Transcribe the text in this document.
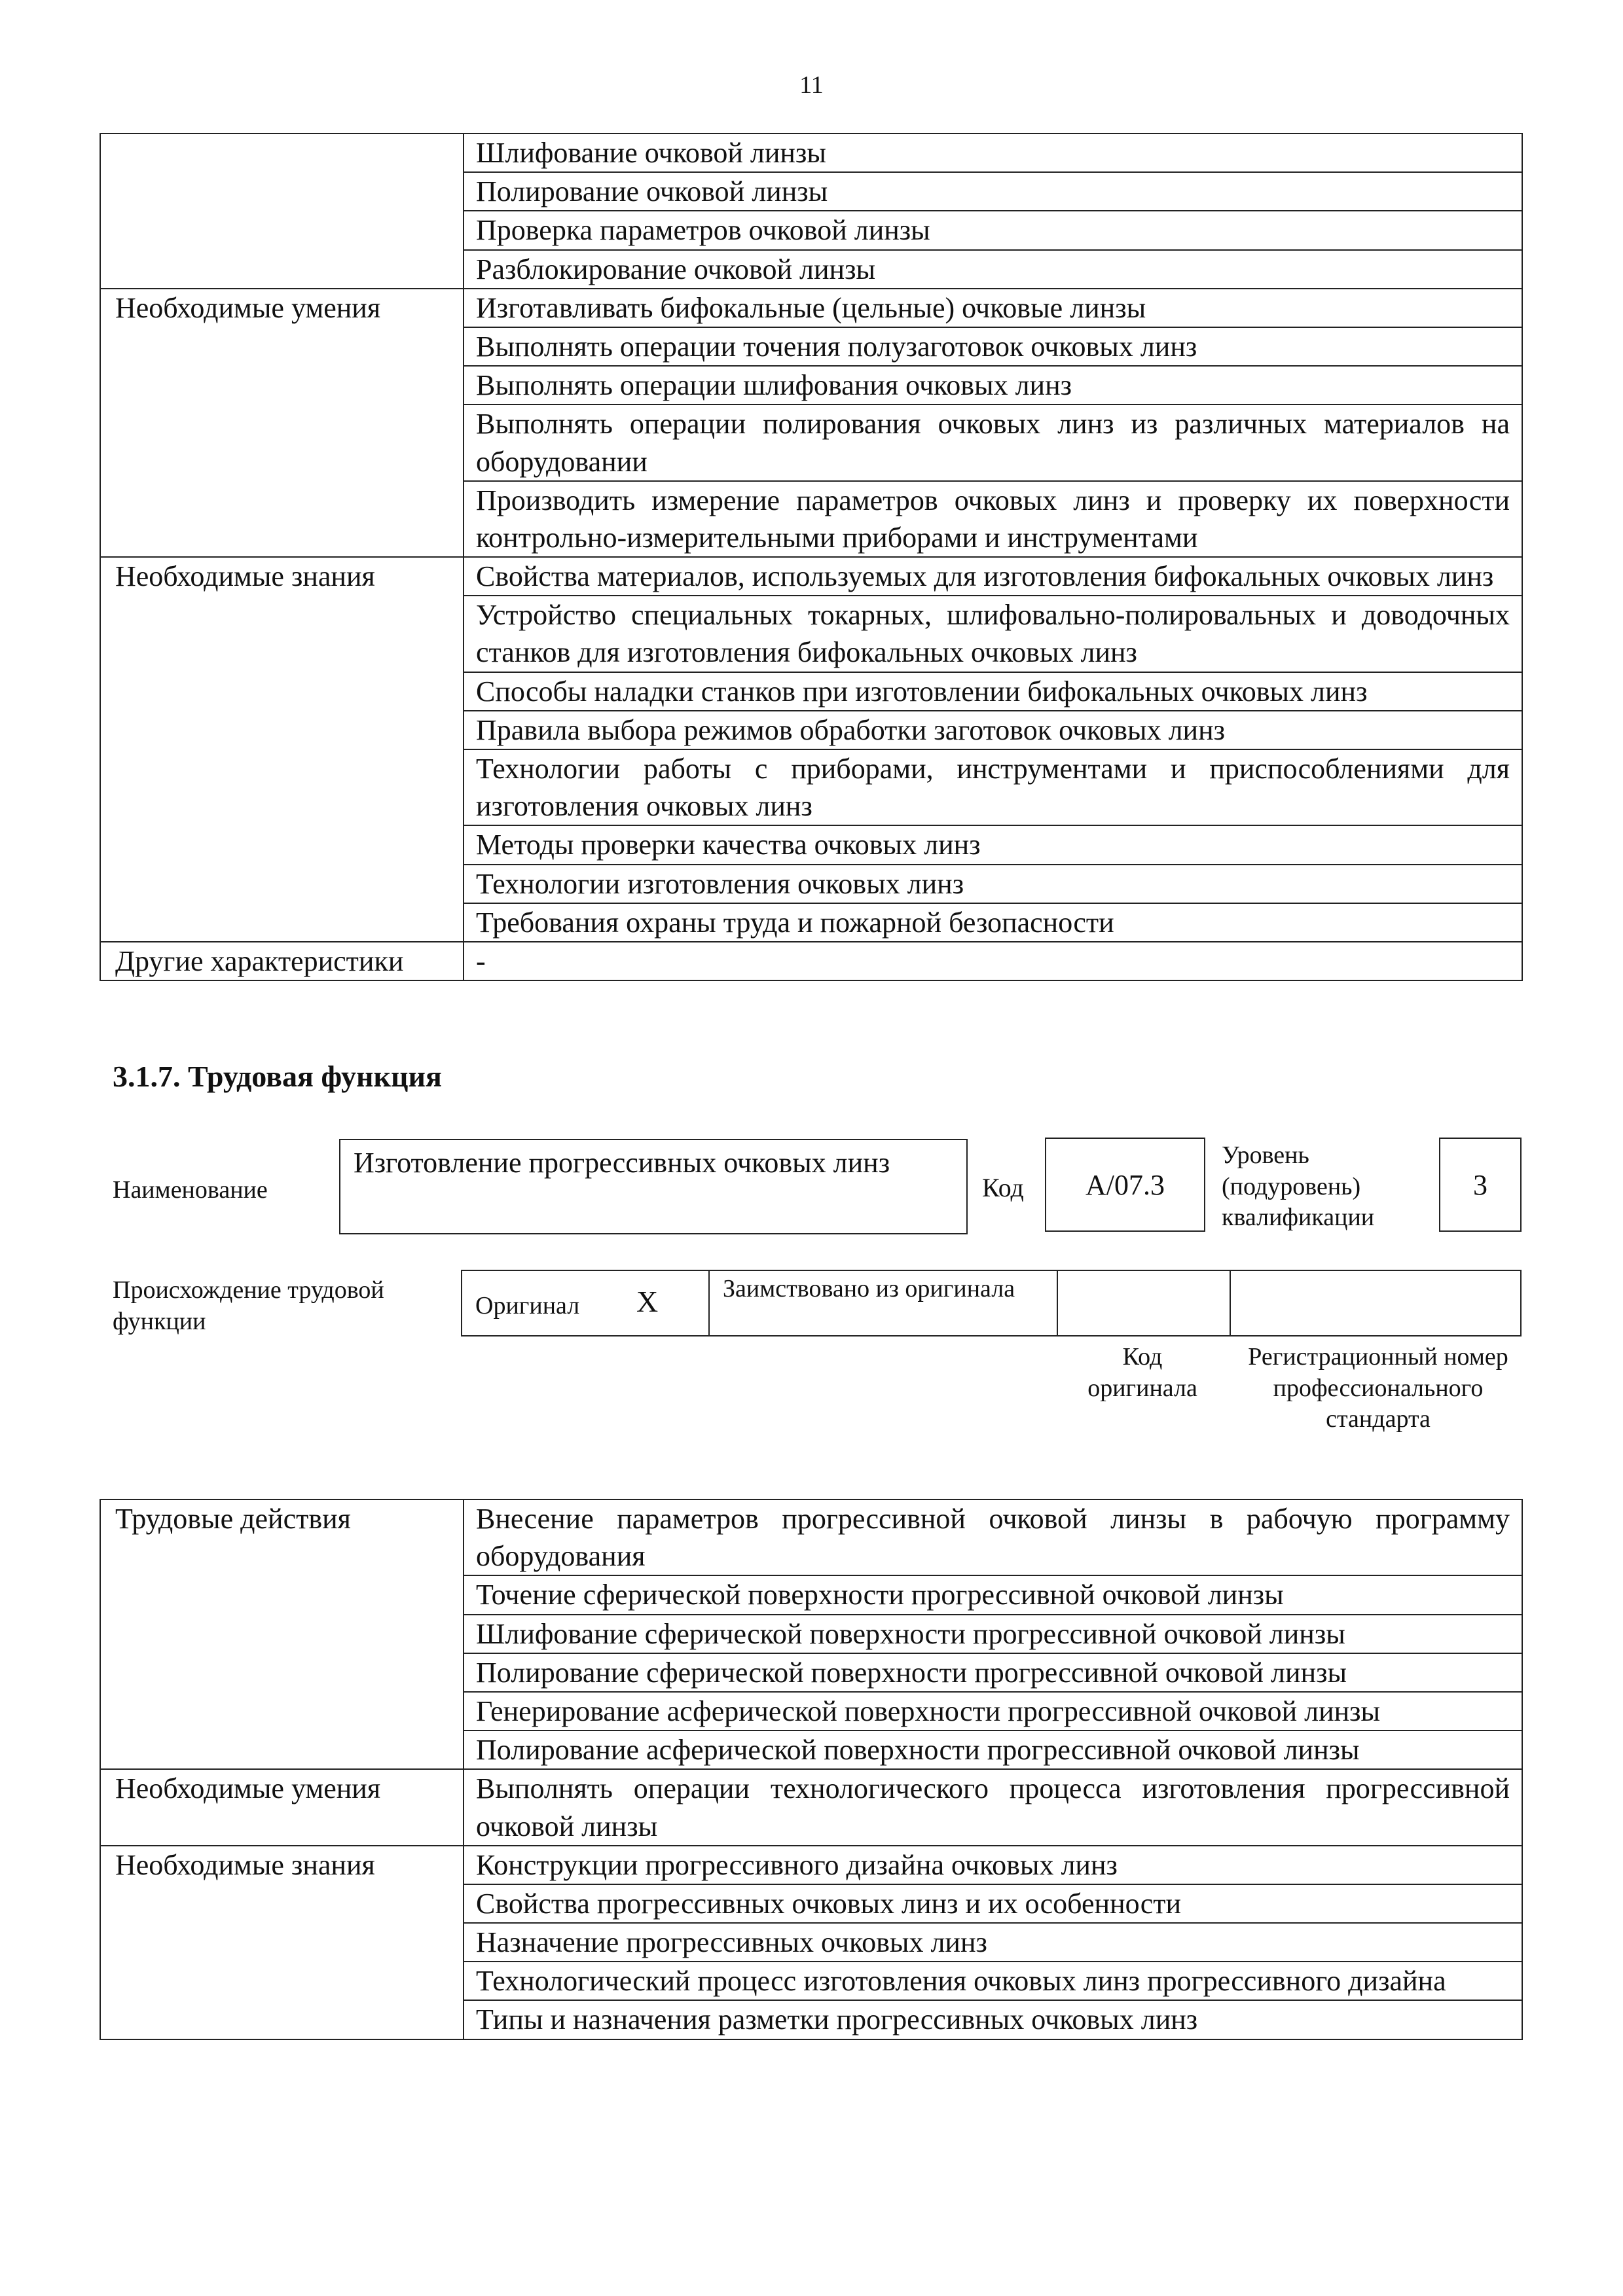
11
	Шлифование очковой линзы
	Полирование очковой линзы
	Проверка параметров очковой линзы
	Разблокирование очковой линзы
Необходимые умения	Изготавливать бифокальные (цельные) очковые линзы
	Выполнять операции точения полузаготовок очковых линз
	Выполнять операции шлифования очковых линз
	Выполнять операции полирования очковых линз из различных материалов на оборудовании
	Производить измерение параметров очковых линз и проверку их поверхности контрольно-измерительными приборами и инструментами
Необходимые знания	Свойства материалов, используемых для изготовления бифокальных очковых линз
	Устройство специальных токарных, шлифовально-полировальных и доводочных станков для изготовления бифокальных очковых линз
	Способы наладки станков при изготовлении бифокальных очковых линз
	Правила выбора режимов обработки заготовок очковых линз
	Технологии работы с приборами, инструментами и приспособлениями для изготовления очковых линз
	Методы проверки качества очковых линз
	Технологии изготовления очковых линз
	Требования охраны труда и пожарной безопасности
Другие характеристики	-
3.1.7. Трудовая функция
Наименование
Изготовление прогрессивных очковых линз
Код А/07.3
Уровень (подуровень) квалификации
3
Происхождение трудовой функции
Оригинал X	Заимствовано из оригинала
Код оригинала
Регистрационный номер профессионального стандарта
Трудовые действия	Внесение параметров прогрессивной очковой линзы в рабочую программу оборудования
	Точение сферической поверхности прогрессивной очковой линзы
	Шлифование сферической поверхности прогрессивной очковой линзы
	Полирование сферической поверхности прогрессивной очковой линзы
	Генерирование асферической поверхности прогрессивной очковой линзы
	Полирование асферической поверхности прогрессивной очковой линзы
Необходимые умения	Выполнять операции технологического процесса изготовления прогрессивной очковой линзы
Необходимые знания	Конструкции прогрессивного дизайна очковых линз
	Свойства прогрессивных очковых линз и их особенности
	Назначение прогрессивных очковых линз
	Технологический процесс изготовления очковых линз прогрессивного дизайна
	Типы и назначения разметки прогрессивных очковых линз
